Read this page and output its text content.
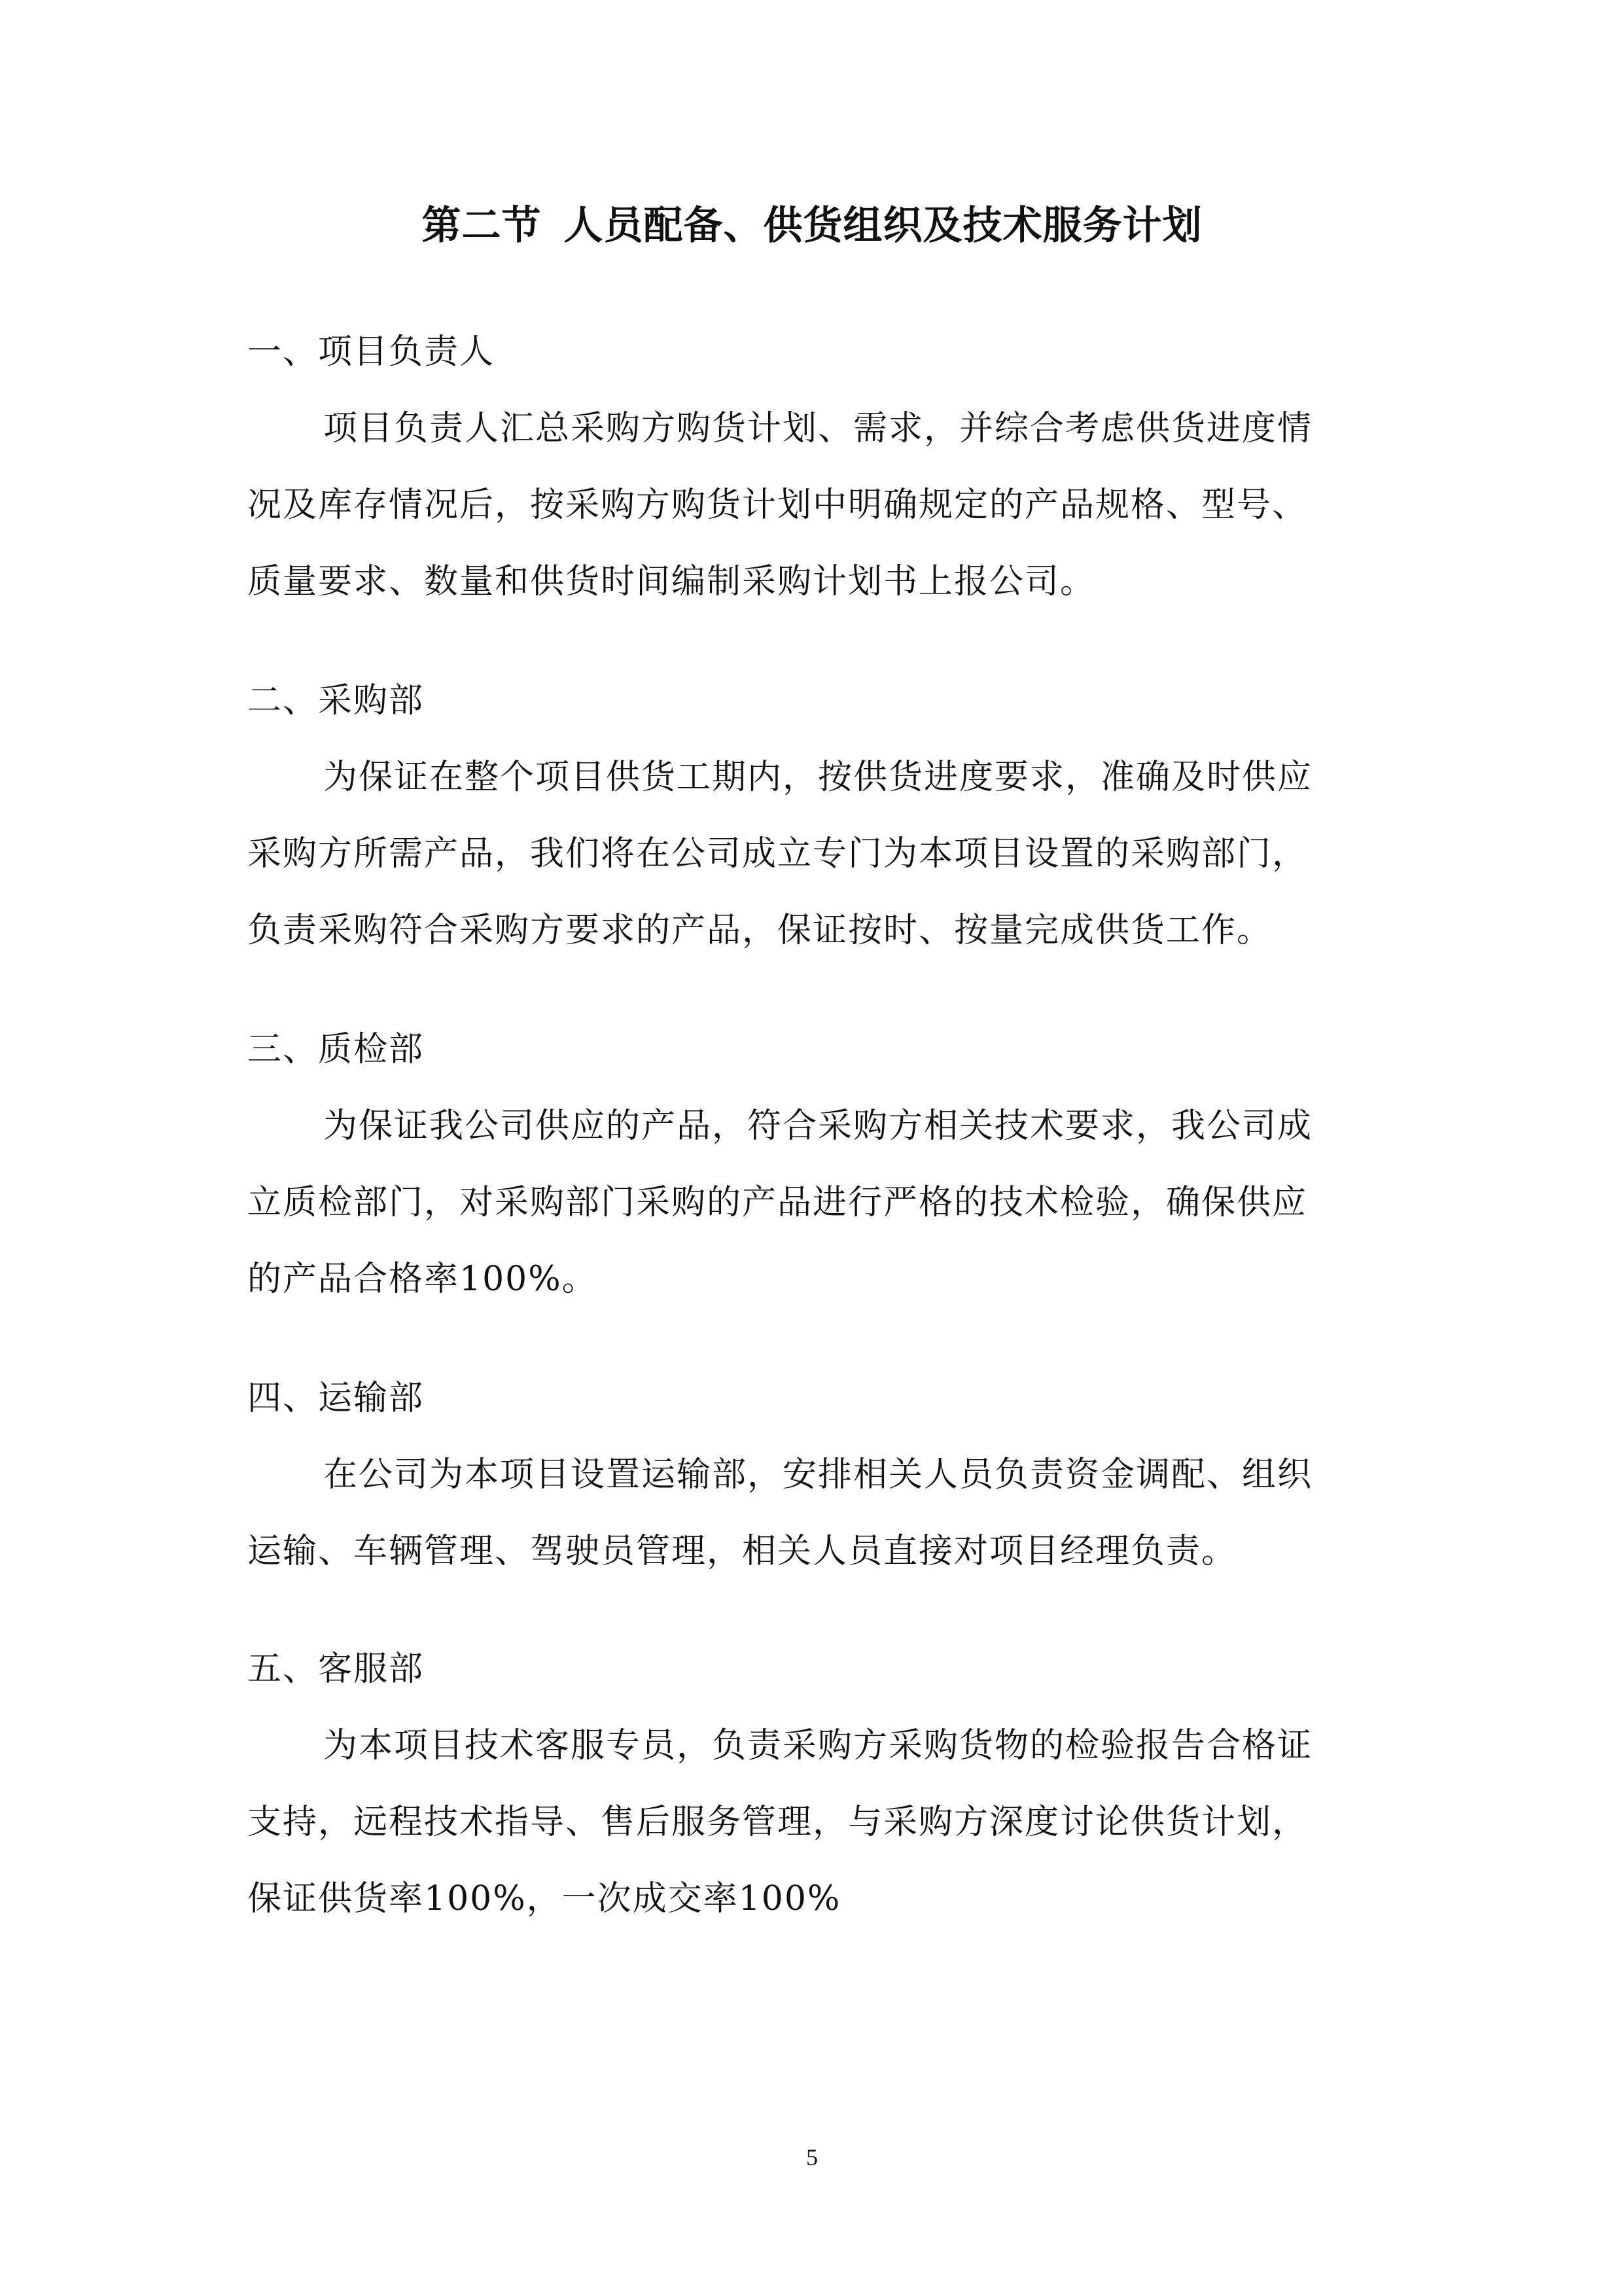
第二节 人员配备、供货组织及技术服务计划
一、项目负责人
项目负责人汇总采购方购货计划、需求，并综合考虑供货进度情
况及库存情况后，按采购方购货计划中明确规定的产品规格、型号、
质量要求、数量和供货时间编制采购计划书上报公司。
二、采购部
为保证在整个项目供货工期内，按供货进度要求，准确及时供应
采购方所需产品，我们将在公司成立专门为本项目设置的采购部门，
负责采购符合采购方要求的产品，保证按时、按量完成供货工作。
三、质检部
为保证我公司供应的产品，符合采购方相关技术要求，我公司成
立质检部门，对采购部门采购的产品进行严格的技术检验，确保供应
的产品合格率100%。
四、运输部
在公司为本项目设置运输部，安排相关人员负责资金调配、组织
运输、车辆管理、驾驶员管理，相关人员直接对项目经理负责。
五、客服部
为本项目技术客服专员，负责采购方采购货物的检验报告合格证
支持，远程技术指导、售后服务管理，与采购方深度讨论供货计划，
保证供货率100%，一次成交率100%
5
